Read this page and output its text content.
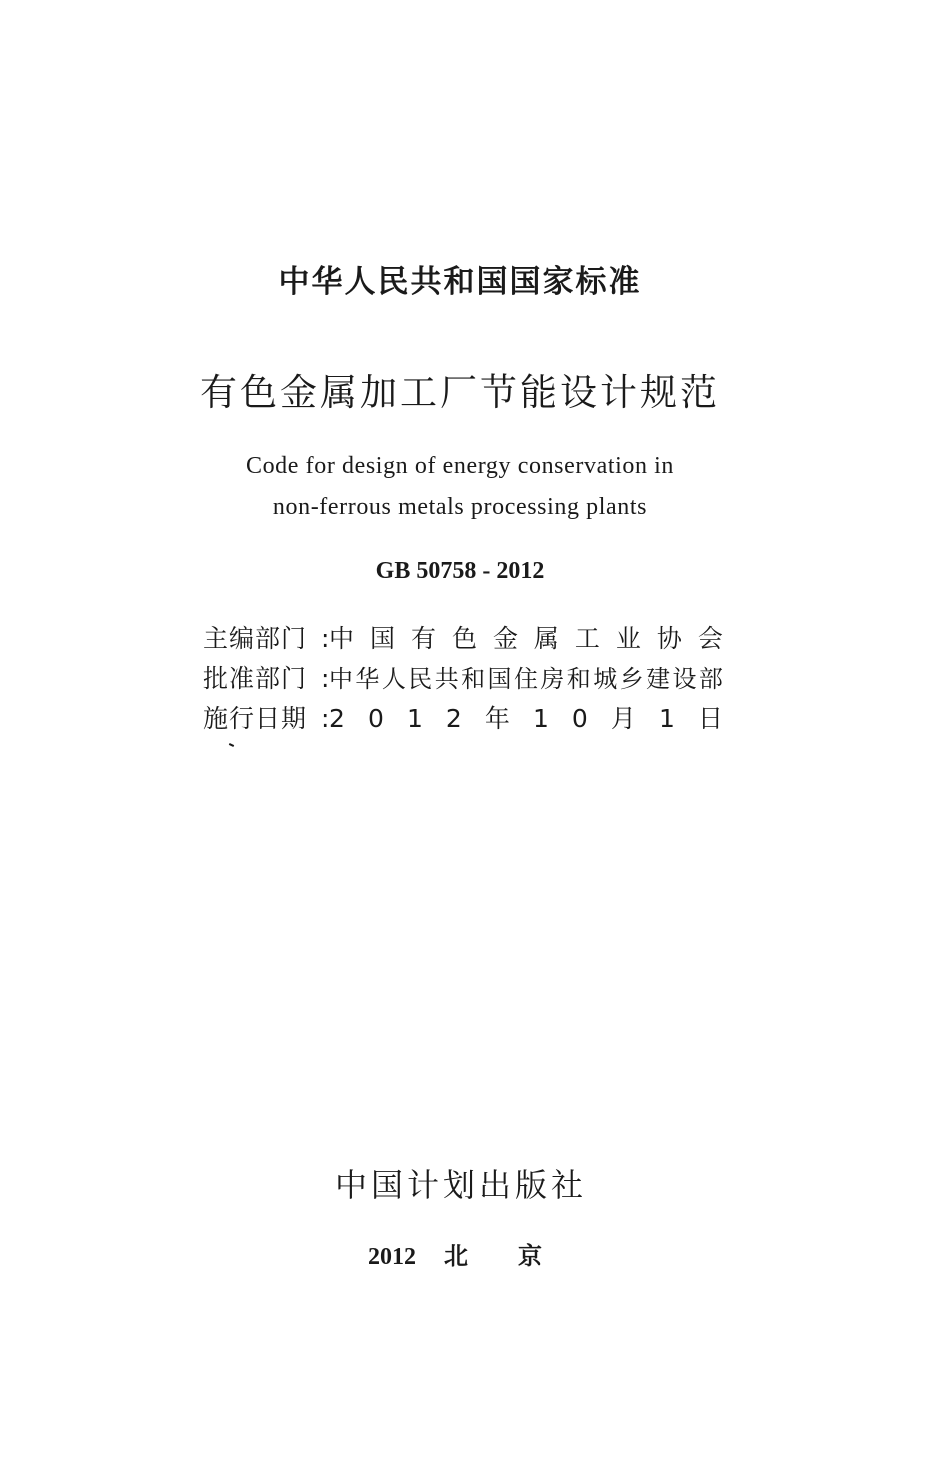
中华人民共和国国家标准
有色金属加工厂节能设计规范
Code for design of energy conservation in
non-ferrous metals processing plants
GB 50758 - 2012
主编部门 : 中 国 有 色 金 属 工 业 协 会
批准部门 : 中 华 人 民 共 和 国 住 房 和 城 乡 建 设 部
施行日期 : 2 0 1 2 年 1 0 月 1 日
中国计划出版社
2012 北京
